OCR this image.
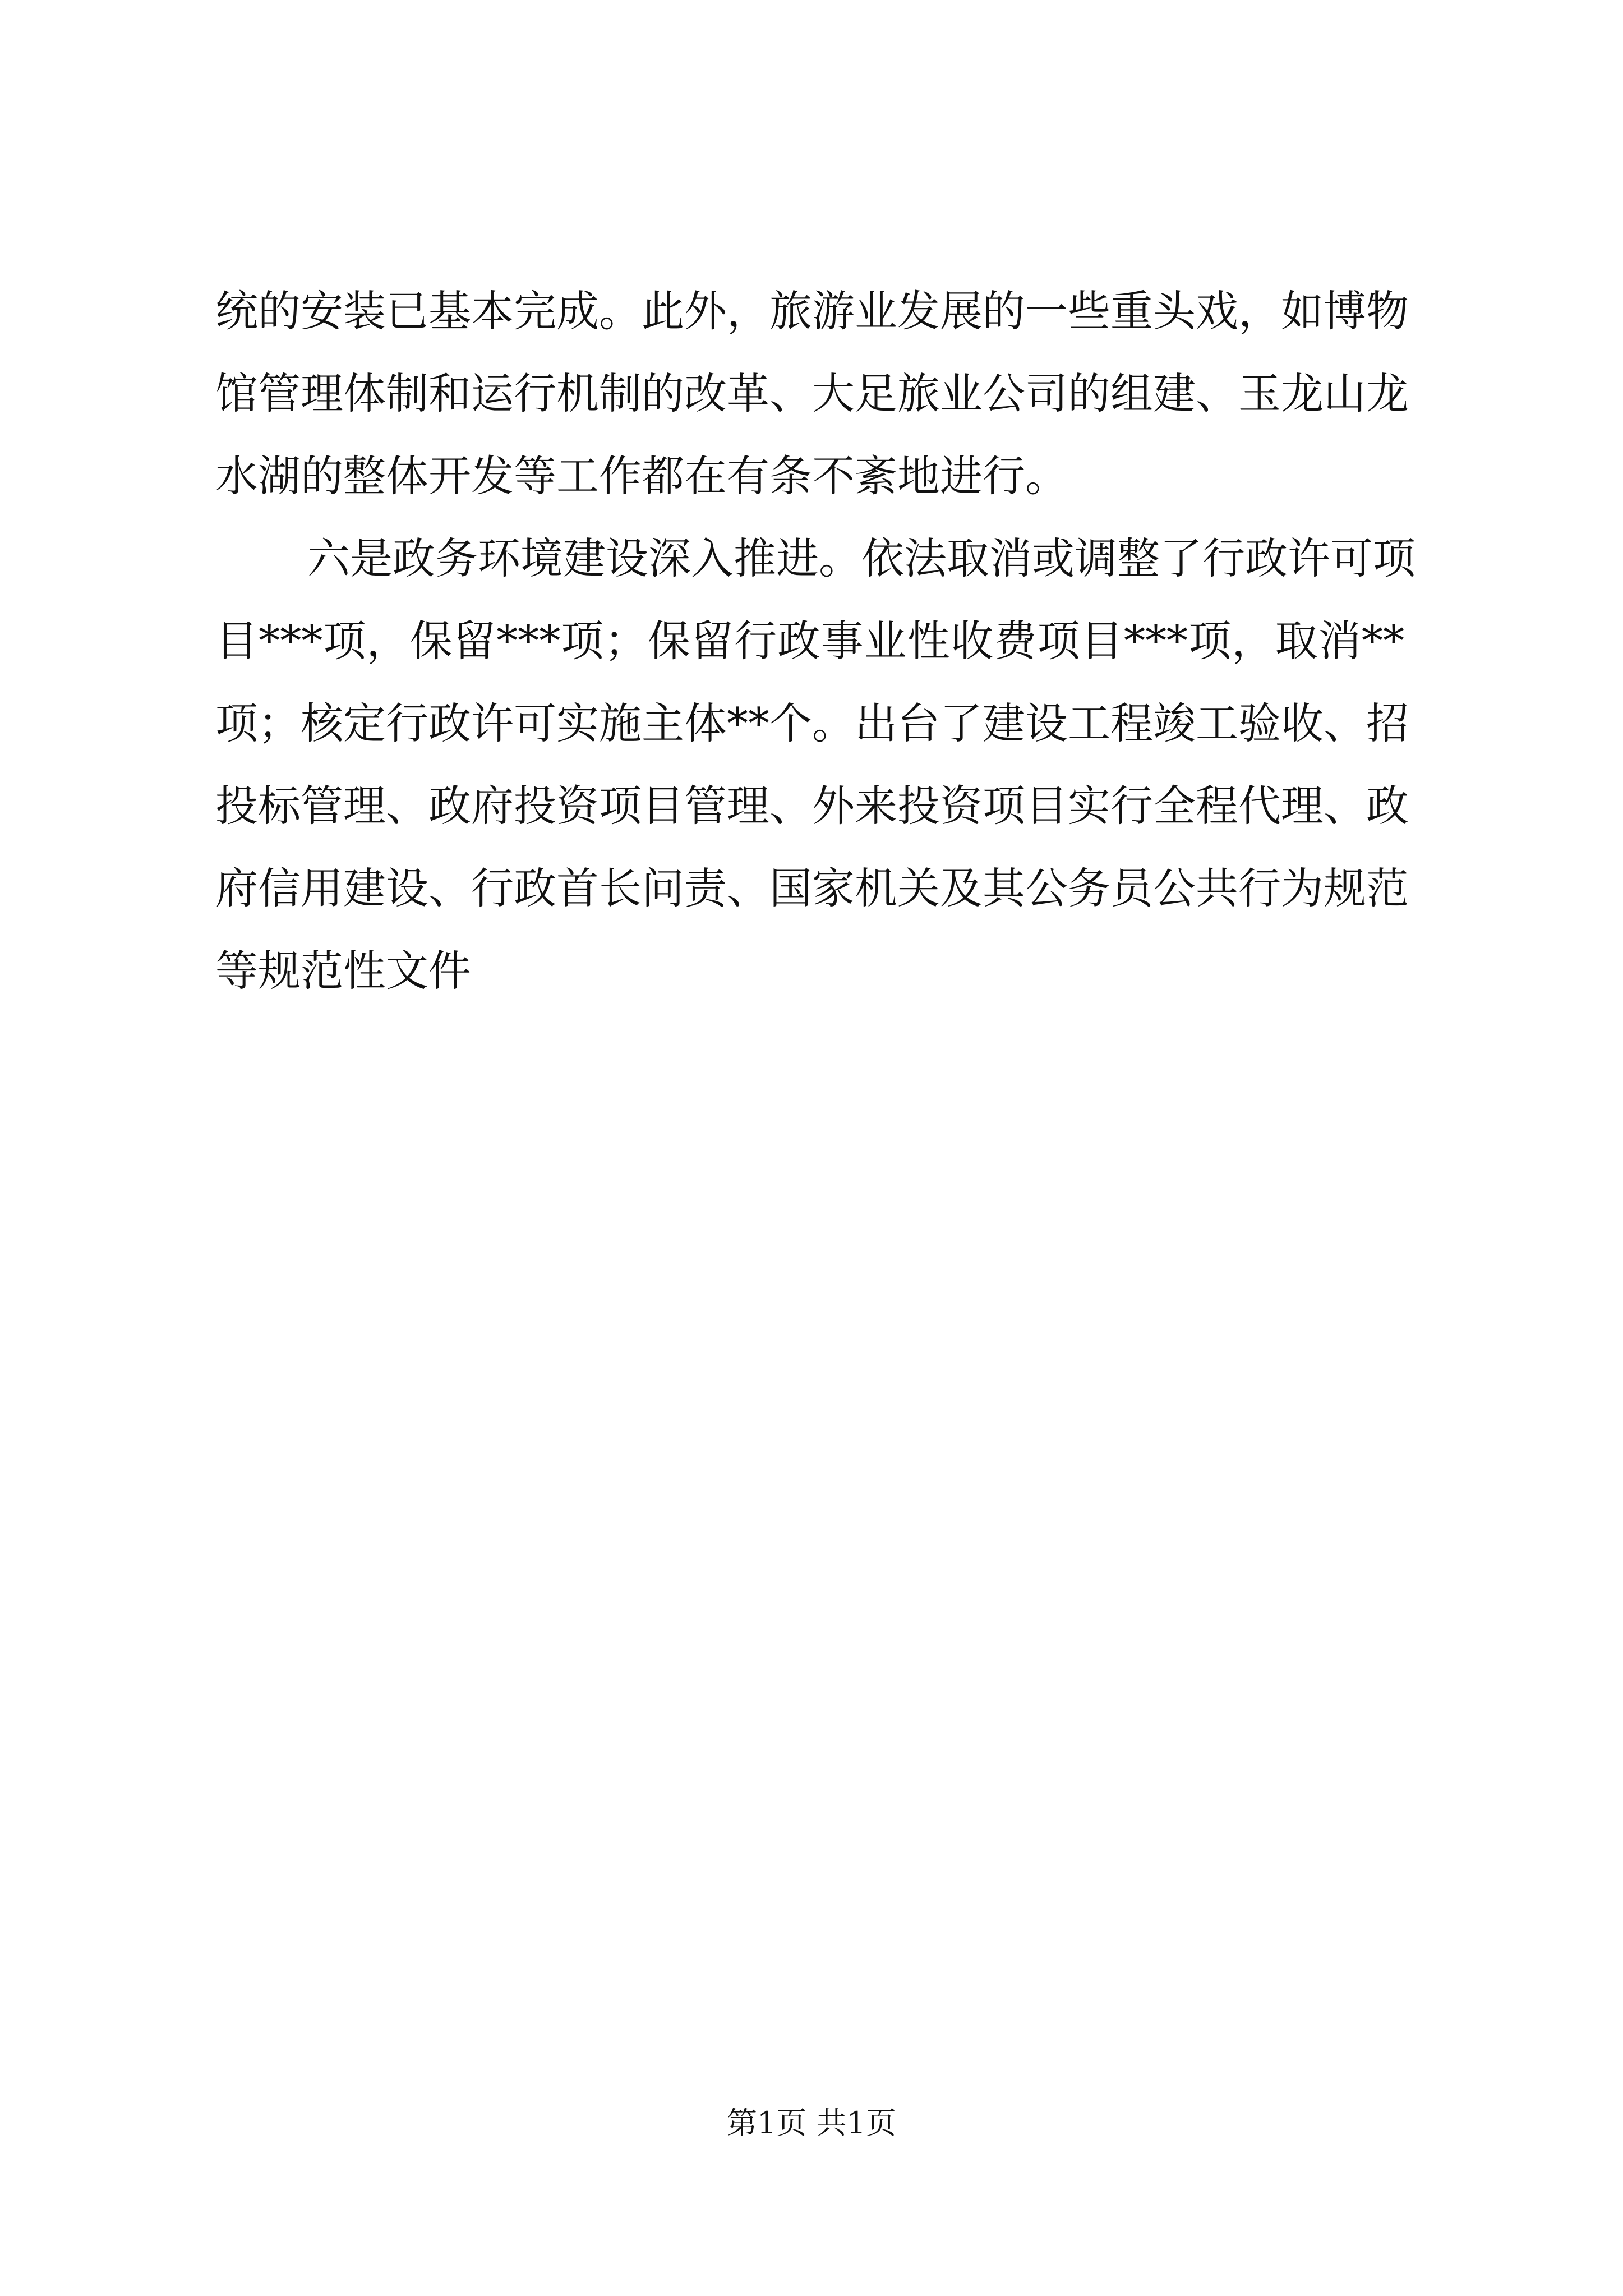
统的安装已基本完成。此外，旅游业发展的一些重头戏，如博物
馆管理体制和运行机制的改革、大足旅业公司的组建、玉龙山龙
水湖的整体开发等工作都在有条不紊地进行。
六是政务环境建设深入推进。依法取消或调整了行政许可项
目***项，保留***项；保留行政事业性收费项目***项，取消**
项；核定行政许可实施主体**个。出台了建设工程竣工验收、招
投标管理、政府投资项目管理、外来投资项目实行全程代理、政
府信用建设、行政首长问责、国家机关及其公务员公共行为规范
等规范性文件
第1页 共1页
